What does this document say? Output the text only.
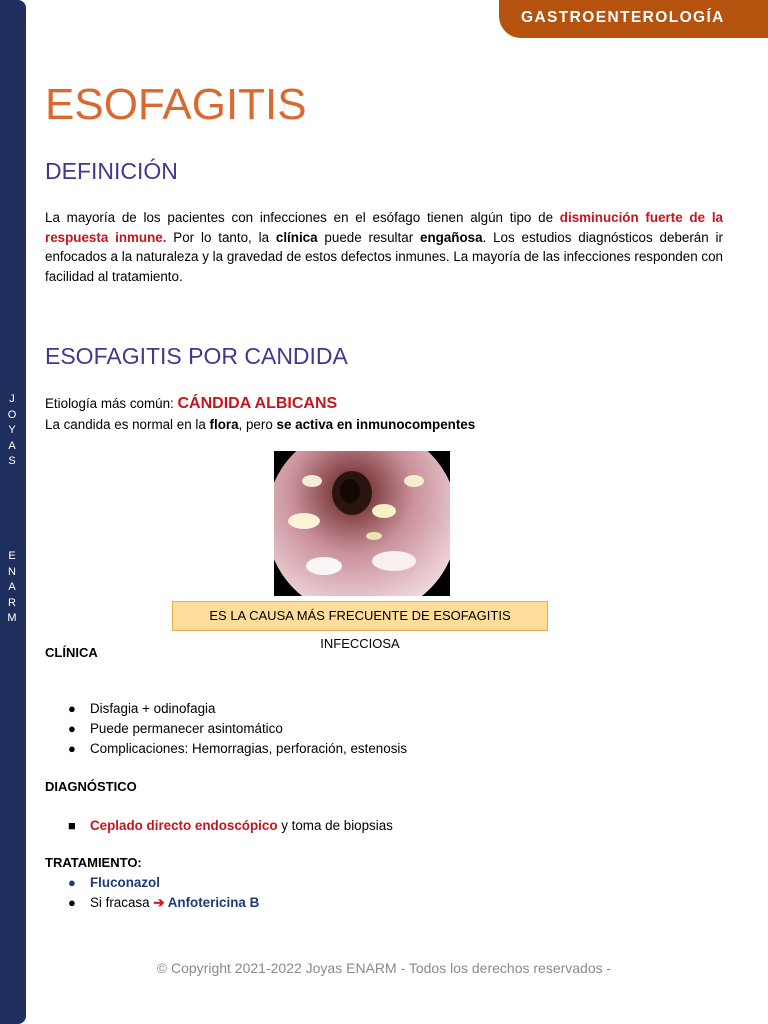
J
O
Y
A
S
E
N
A
R
M
GASTROENTEROLOGÍA
ESOFAGITIS
DEFINICIÓN

La mayoría de los pacientes con infecciones en el esófago tienen algún tipo de disminución fuerte de la respuesta inmune. Por lo tanto, la clínica puede resultar engañosa. Los estudios diagnósticos deberán ir enfocados a la naturaleza y la gravedad de estos defectos inmunes. La mayoría de las infecciones responden con facilidad al tratamiento.

ESOFAGITIS POR CANDIDA
Etiología más común: CÁNDIDA ALBICANS
La candida es normal en la flora, pero se activa en inmunocompentes
ES LA CAUSA MÁS FRECUENTE DE ESOFAGITIS INFECCIOSA
CLÍNICA
● Disfagia + odinofagia
● Puede permanecer asintomático
● Complicaciones: Hemorragias, perforación, estenosis
DIAGNÓSTICO
■ Ceplado directo endoscópico y toma de biopsias
TRATAMIENTO:
● Fluconazol
● Si fracasa ➔ Anfotericina B
© Copyright 2021-2022 Joyas ENARM - Todos los derechos reservados -
